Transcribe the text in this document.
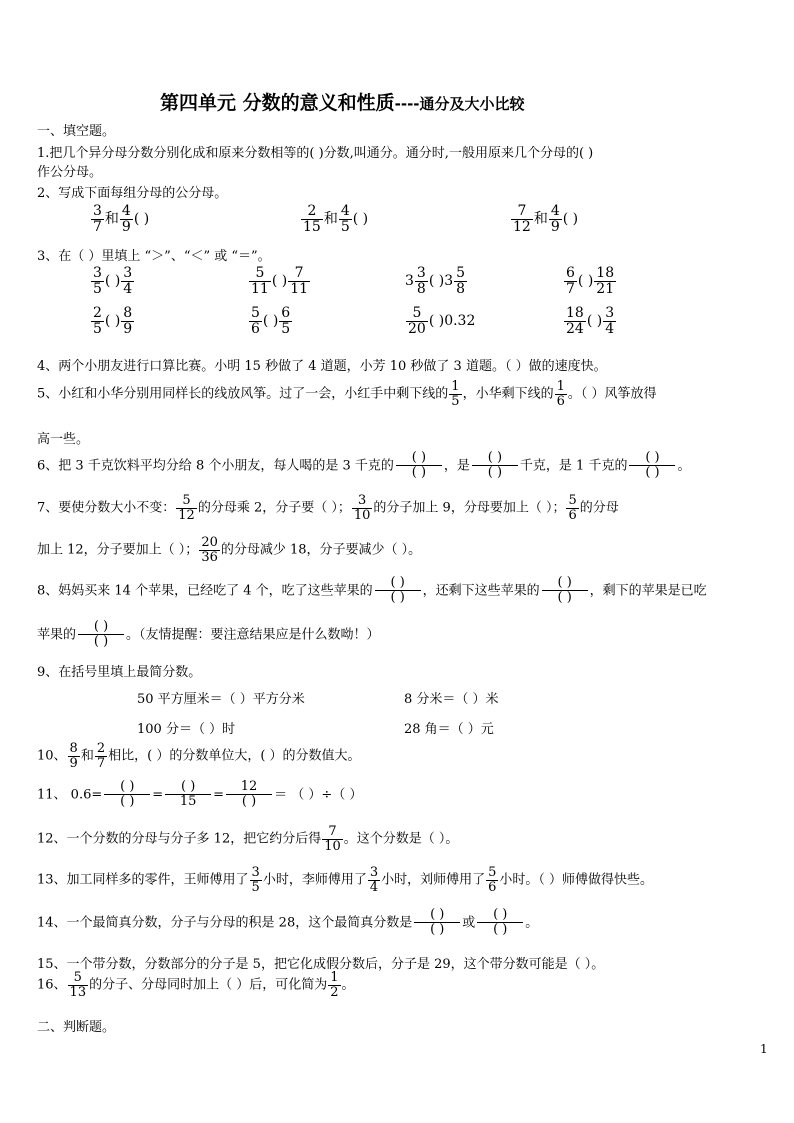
第四单元 分数的意义和性质----通分及大小比较
一、填空题。
1.把几个异分母分数分别化成和原来分数相等的( )分数,叫通分。通分时,一般用原来几个分母的( )
作公分母。
2、写成下面每组分母的公分母。
$\frac{3}{7}$ 和 $\frac{4}{9}$ ( )	$\frac{2}{15}$ 和 $\frac{4}{5}$ ( )	$\frac{7}{12}$ 和 $\frac{4}{9}$ ( )
3、在（ ）里填上 “＞”、“＜” 或 “＝”。
$\frac{3}{5}$ ( ) $\frac{3}{4}$	$\frac{5}{11}$ ( ) $\frac{7}{11}$	$3 \frac{3}{8}$ ( )$3 \frac{5}{8}$	$\frac{6}{7}$ ( ) $\frac{18}{21}$
$\frac{2}{5}$ ( ) $\frac{8}{9}$	$\frac{5}{6}$ ( ) $\frac{6}{5}$	$\frac{5}{20}$ ( )0.32	$\frac{18}{24}$ ( ) $\frac{3}{4}$
4、两个小朋友进行口算比赛。小明 15 秒做了 4 道题，小芳 10 秒做了 3 道题。（ ）做的速度快。
5、小红和小华分别用同样长的线放风筝。过了一会，小红手中剩下线的 $\frac{1}{5}$ ，小华剩下线的 $\frac{1}{6}$ 。（ ）风筝放得
高一些。
6、把 3 千克饮料平均分给 8 个小朋友，每人喝的是 3 千克的
( )
( )	，是
( )
( )	千克，是 1 千克的
( )
( )	。
7、要使分数大小不变： $\frac{5}{12}$ 的分母乘 2，分子要（ ）； $\frac{3}{10}$ 的分子加上 9，分母要加上（ ）； $\frac{5}{6}$ 的分母
加上 12，分子要加上（ ）； $\frac{20}{36}$ 的分母减少 18，分子要减少（ ）。
8、妈妈买来 14 个苹果，已经吃了 4 个，吃了这些苹果的
( )
( )	，还剩下这些苹果的
( )
( )	，剩下的苹果是已吃
苹果的
( )
( )	。（友情提醒：要注意结果应是什么数呦！）
9、在括号里填上最简分数。
50 平方厘米＝（ ）平方分米	8 分米＝（ ）米
100 分＝（ ）时	28 角＝（ ）元
10、 $\frac{8}{9}$ 和 $\frac{2}{7}$ 相比，( ）的分数单位大，( ）的分数值大。
11、 0.6=
( )
( )	=
( )
15	=
12
( )	＝ （ ）÷（ ）
12、一个分数的分母与分子多 12，把它约分后得 $\frac{7}{10}$ 。这个分数是（ ）。
13、加工同样多的零件，王师傅用了 $\frac{3}{5}$ 小时，李师傅用了 $\frac{3}{4}$ 小时，刘师傅用了 $\frac{5}{6}$ 小时。（ ）师傅做得快些。
14、一个最简真分数，分子与分母的积是 28，这个最简真分数是
( )
( )	或
( )
( )	。
15、一个带分数，分数部分的分子是 5，把它化成假分数后，分子是 29，这个带分数可能是（ ）。
16、 $\frac{5}{13}$ 的分子、分母同时加上（ ）后，可化简为 $\frac{1}{2}$ 。
二、判断题。
1
